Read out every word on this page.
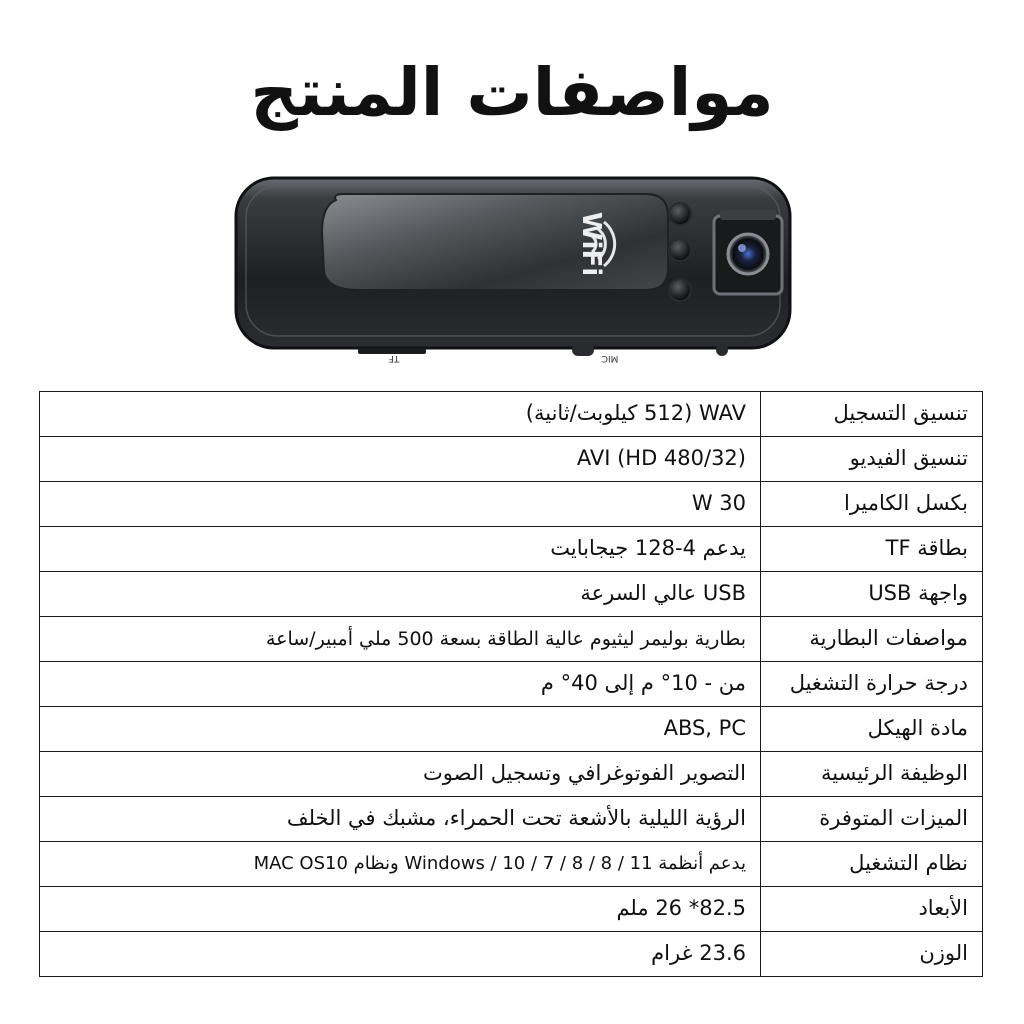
مواصفات المنتج
WiFi
TF	MIC
تنسيق التسجيل	WAV (512 كيلوبت/ثانية)
تنسيق الفيديو	AVI (HD 480/32)
بكسل الكاميرا	30 W
بطاقة TF	يدعم 4-128 جيجابايت
واجهة USB	USB عالي السرعة
مواصفات البطارية	بطارية بوليمر ليثيوم عالية الطاقة بسعة 500 ملي أمبير/ساعة
درجة حرارة التشغيل	من - 10° م إلى 40° م
مادة الهيكل	ABS, PC
الوظيفة الرئيسية	التصوير الفوتوغرافي وتسجيل الصوت
الميزات المتوفرة	الرؤية الليلية بالأشعة تحت الحمراء، مشبك في الخلف
نظام التشغيل	يدعم أنظمة Windows / 10 / 7 / 8 / 8 / 11 ونظام MAC OS10
الأبعاد	82.5* 26 ملم
الوزن	23.6 غرام
